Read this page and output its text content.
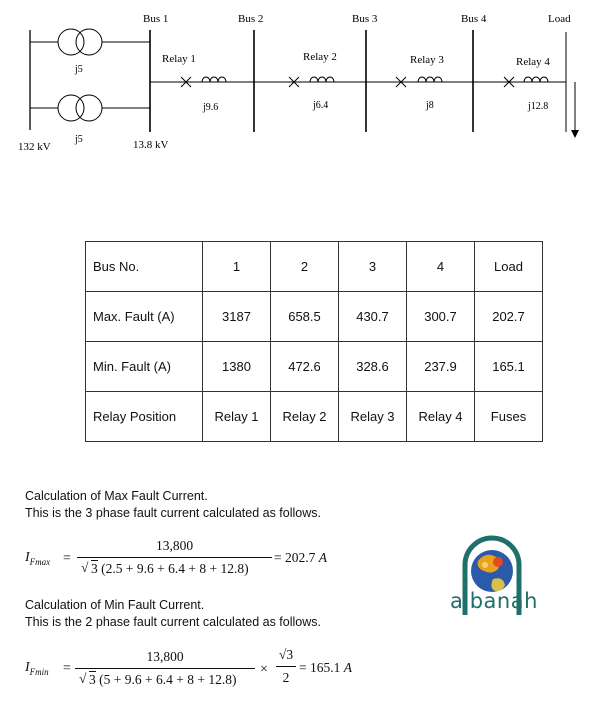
Bus 1	Bus 2	Bus 3	Bus 4	Load
j5
j5
132 kV	13.8 kV
Relay 1	Relay 2	Relay 3	Relay 4
j9.6	j6.4	j8	j12.8
Bus No.	1	2	3	4	Load
Max. Fault (A)	3187	658.5	430.7	300.7	202.7
Min. Fault (A)	1380	472.6	328.6	237.9	165.1
Relay Position	Relay 1	Relay 2	Relay 3	Relay 4	Fuses
Calculation of Max Fault Current.
This is the 3 phase fault current calculated as follows.
$I_{Fmax}$ =
13,800
√ 3 (2.5 + 9.6 + 6.4 + 8 + 12.8)
= 202.7 A
Calculation of Min Fault Current.
This is the 2 phase fault current calculated as follows.
$I_{Fmin}$ =
13,800
√ 3 (5 + 9.6 + 6.4 + 8 + 12.8)
×
√3
2
= 165.1 A
albanah
